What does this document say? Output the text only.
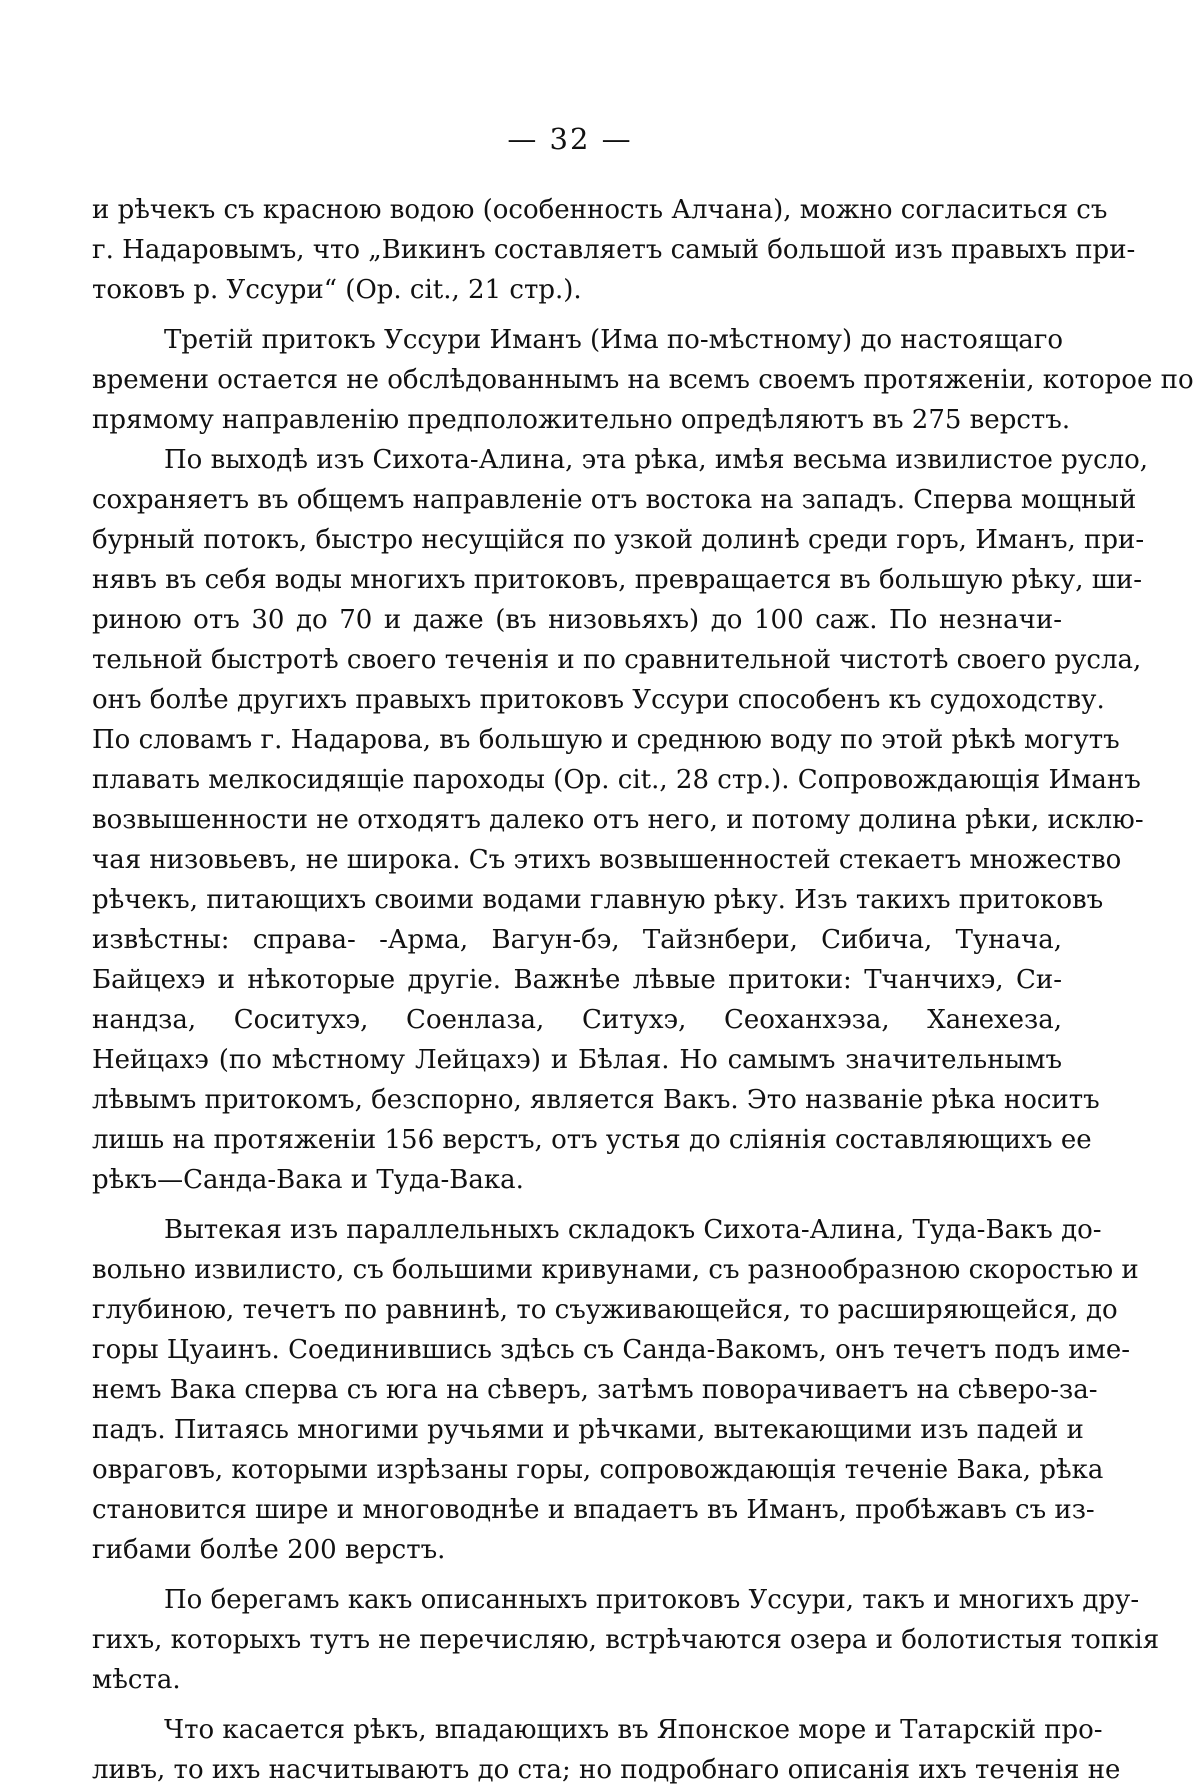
— 32 —
и рѣчекъ съ красною водою (особенность Алчана), можно согласиться съ
г. Надаровымъ, что „Викинъ составляетъ самый большой изъ правыхъ при-
токовъ р. Уссури“ (Op. cit., 21 стр.).
Третій притокъ Уссури Иманъ (Има по-мѣстному) до настоящаго
времени остается не обслѣдованнымъ на всемъ своемъ протяженіи, которое по
прямому направленію предположительно опредѣляютъ въ 275 верстъ.
По выходѣ изъ Сихота-Алина, эта рѣка, имѣя весьма извилистое русло,
сохраняетъ въ общемъ направленіе отъ востока на западъ. Сперва мощный
бурный потокъ, быстро несущійся по узкой долинѣ среди горъ, Иманъ, при-
нявъ въ себя воды многихъ притоковъ, превращается въ большую рѣку, ши-
риною отъ 30 до 70 и даже (въ низовьяхъ) до 100 саж. По незначи-
тельной быстротѣ своего теченія и по сравнительной чистотѣ своего русла,
онъ болѣе другихъ правыхъ притоковъ Уссури способенъ къ судоходству.
По словамъ г. Надарова, въ большую и среднюю воду по этой рѣкѣ могутъ
плавать мелкосидящіе пароходы (Op. cit., 28 стр.). Сопровождающія Иманъ
возвышенности не отходятъ далеко отъ него, и потому долина рѣки, исклю-
чая низовьевъ, не широка. Съ этихъ возвышенностей стекаетъ множество
рѣчекъ, питающихъ своими водами главную рѣку. Изъ такихъ притоковъ
извѣстны: справа- -Арма, Вагун-бэ, Тайзнбери, Сибича, Тунача,
Байцехэ и нѣкоторые другіе. Важнѣе лѣвые притоки: Тчанчихэ, Си-
нандза, Соситухэ, Соенлаза, Ситухэ, Сеоханхэза, Ханехеза,
Нейцахэ (по мѣстному Лейцахэ) и Бѣлая. Но самымъ значительнымъ
лѣвымъ притокомъ, безспорно, является Вакъ. Это названіе рѣка носитъ
лишь на протяженіи 156 верстъ, отъ устья до сліянія составляющихъ ее
рѣкъ—Санда-Вака и Туда-Вака.
Вытекая изъ параллельныхъ складокъ Сихота-Алина, Туда-Вакъ до-
вольно извилисто, съ большими кривунами, съ разнообразною скоростью и
глубиною, течетъ по равнинѣ, то съуживающейся, то расширяющейся, до
горы Цуаинъ. Соединившись здѣсь съ Санда-Вакомъ, онъ течетъ подъ име-
немъ Вака сперва съ юга на сѣверъ, затѣмъ поворачиваетъ на сѣверо-за-
падъ. Питаясь многими ручьями и рѣчками, вытекающими изъ падей и
овраговъ, которыми изрѣзаны горы, сопровождающія теченіе Вака, рѣка
становится шире и многоводнѣе и впадаетъ въ Иманъ, пробѣжавъ съ из-
гибами болѣе 200 верстъ.
По берегамъ какъ описанныхъ притоковъ Уссури, такъ и многихъ дру-
гихъ, которыхъ тутъ не перечисляю, встрѣчаются озера и болотистыя топкія
мѣста.
Что касается рѣкъ, впадающихъ въ Японское море и Татарскій про-
ливъ, то ихъ насчитываютъ до ста; но подробнаго описанія ихъ теченія не
